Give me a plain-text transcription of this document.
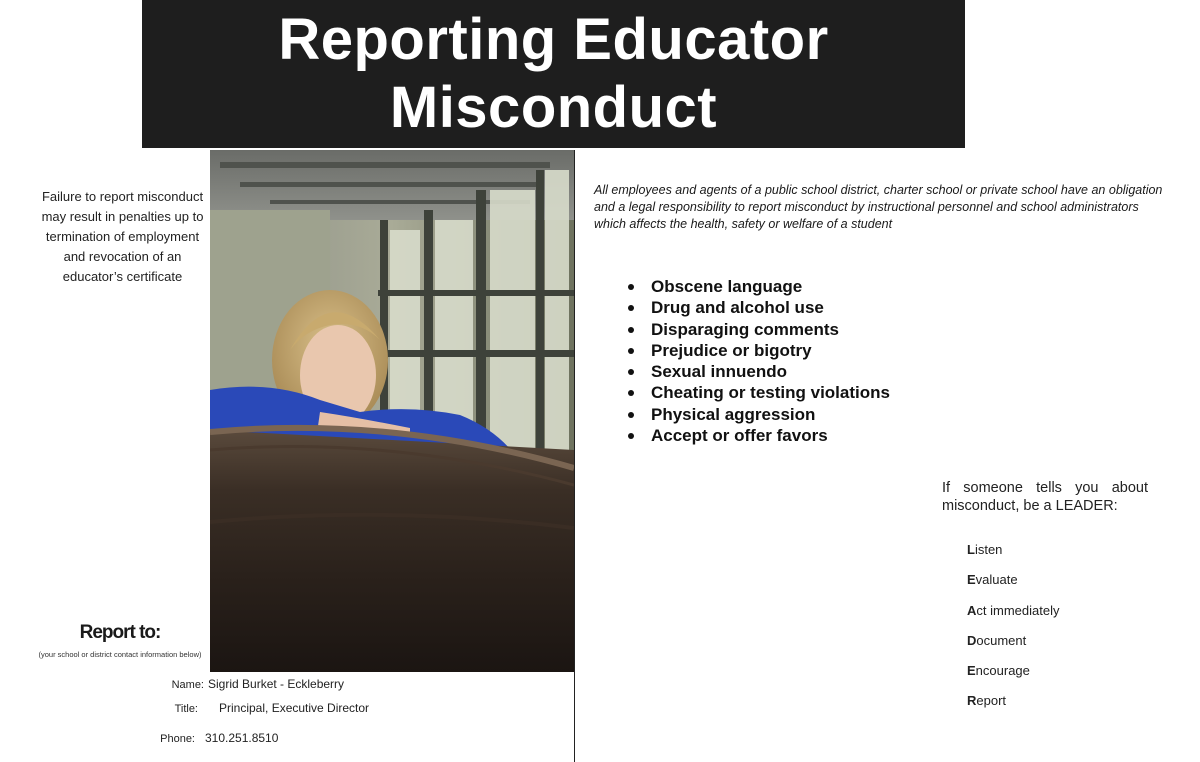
Reporting Educator
Misconduct
Failure to report misconduct may result in penalties up to termination of employment and revocation of an educator’s certificate
Report to:
(your school or district contact information below)
Name: Sigrid Burket - Eckleberry
Title: Principal, Executive Director
Phone: 310.251.8510
All employees and agents of a public school district, charter school or private school have an obligation and a legal responsibility to report misconduct by instructional personnel and school administrators which affects the health, safety or welfare of a student
Obscene language
Drug and alcohol use
Disparaging comments
Prejudice or bigotry
Sexual innuendo
Cheating or testing violations
Physical aggression
Accept or offer favors
If someone tells you about misconduct, be a LEADER:
Listen
Evaluate
Act immediately
Document
Encourage
Report
